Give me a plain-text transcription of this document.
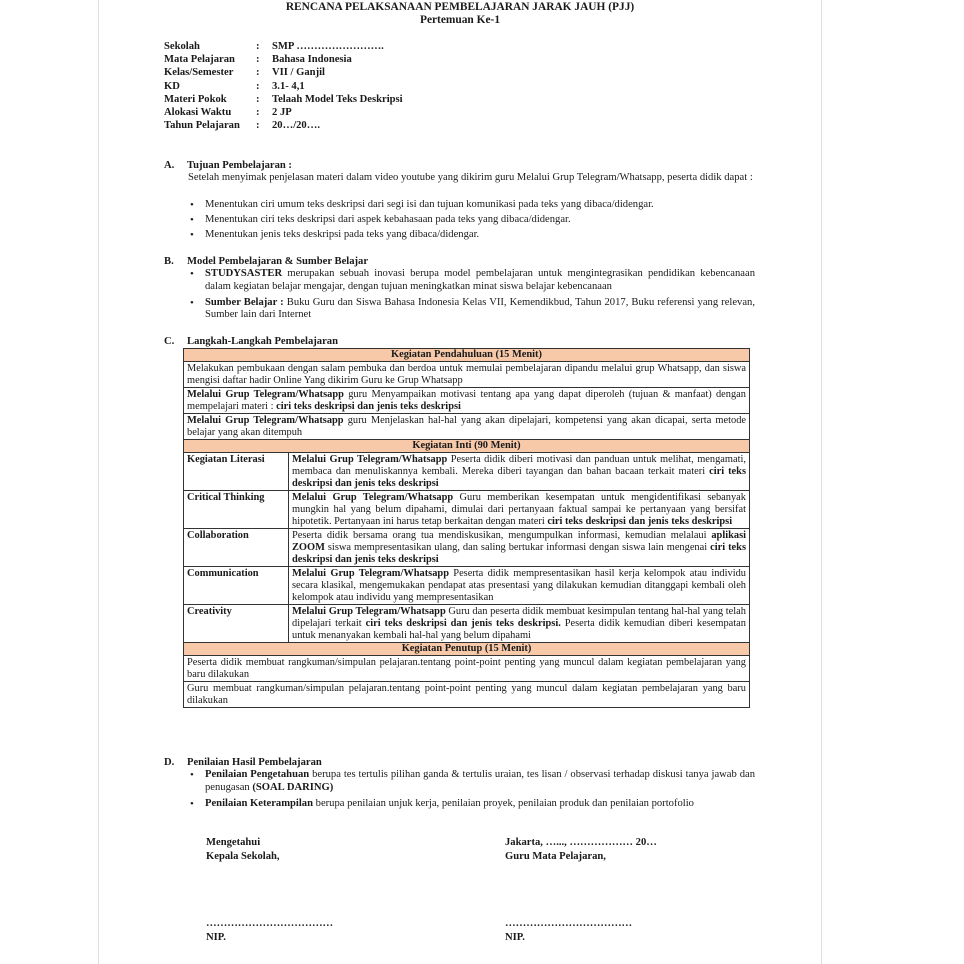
RENCANA PELAKSANAAN PEMBELAJARAN JARAK JAUH (PJJ)
Pertemuan Ke-1
Sekolah	:	SMP …………………….
Mata Pelajaran	:	Bahasa Indonesia
Kelas/Semester	:	VII / Ganjil
KD	:	3.1- 4,1
Materi Pokok	:	Telaah Model Teks Deskripsi
Alokasi Waktu	:	2 JP
Tahun Pelajaran	:	20…/20….
A. Tujuan Pembelajaran :
Setelah menyimak penjelasan materi dalam video youtube yang dikirim guru Melalui Grup Telegram/Whatsapp, peserta didik dapat :
• Menentukan ciri umum teks deskripsi dari segi isi dan tujuan komunikasi pada teks yang dibaca/didengar.
• Menentukan ciri teks deskripsi dari aspek kebahasaan pada teks yang dibaca/didengar.
• Menentukan jenis teks deskripsi pada teks yang dibaca/didengar.
B. Model Pembelajaran & Sumber Belajar
• STUDYSASTER merupakan sebuah inovasi berupa model pembelajaran untuk mengintegrasikan pendidikan kebencanaan dalam kegiatan belajar mengajar, dengan tujuan meningkatkan minat siswa belajar kebencanaan
• Sumber Belajar : Buku Guru dan Siswa Bahasa Indonesia Kelas VII, Kemendikbud, Tahun 2017, Buku referensi yang relevan, Sumber lain dari Internet
C. Langkah-Langkah Pembelajaran
Kegiatan Pendahuluan (15 Menit)	
Melakukan pembukaan dengan salam pembuka dan berdoa untuk memulai pembelajaran dipandu melalui grup Whatsapp, dan siswa mengisi daftar hadir Online Yang dikirim Guru ke Grup Whatsapp	
Melalui Grup Telegram/Whatsapp guru Menyampaikan motivasi tentang apa yang dapat diperoleh (tujuan & manfaat) dengan mempelajari materi : ciri teks deskripsi dan jenis teks deskripsi	
Melalui Grup Telegram/Whatsapp guru Menjelaskan hal-hal yang akan dipelajari, kompetensi yang akan dicapai, serta metode belajar yang akan ditempuh	
Kegiatan Inti (90 Menit)	
Kegiatan Literasi	Melalui Grup Telegram/Whatsapp Peserta didik diberi motivasi dan panduan untuk melihat, mengamati, membaca dan menuliskannya kembali. Mereka diberi tayangan dan bahan bacaan terkait materi ciri teks deskripsi dan jenis teks deskripsi
Critical Thinking	Melalui Grup Telegram/Whatsapp Guru memberikan kesempatan untuk mengidentifikasi sebanyak mungkin hal yang belum dipahami, dimulai dari pertanyaan faktual sampai ke pertanyaan yang bersifat hipotetik. Pertanyaan ini harus tetap berkaitan dengan materi ciri teks deskripsi dan jenis teks deskripsi
Collaboration	Peserta didik bersama orang tua mendiskusikan, mengumpulkan informasi, kemudian melalaui aplikasi ZOOM siswa mempresentasikan ulang, dan saling bertukar informasi dengan siswa lain mengenai ciri teks deskripsi dan jenis teks deskripsi
Communication	Melalui Grup Telegram/Whatsapp Peserta didik mempresentasikan hasil kerja kelompok atau individu secara klasikal, mengemukakan pendapat atas presentasi yang dilakukan kemudian ditanggapi kembali oleh kelompok atau individu yang mempresentasikan
Creativity	Melalui Grup Telegram/Whatsapp Guru dan peserta didik membuat kesimpulan tentang hal-hal yang telah dipelajari terkait ciri teks deskripsi dan jenis teks deskripsi. Peserta didik kemudian diberi kesempatan untuk menanyakan kembali hal-hal yang belum dipahami
Kegiatan Penutup (15 Menit)	
Peserta didik membuat rangkuman/simpulan pelajaran.tentang point-point penting yang muncul dalam kegiatan pembelajaran yang baru dilakukan	
Guru membuat rangkuman/simpulan pelajaran.tentang point-point penting yang muncul dalam kegiatan pembelajaran yang baru dilakukan	
D. Penilaian Hasil Pembelajaran
• Penilaian Pengetahuan berupa tes tertulis pilihan ganda & tertulis uraian, tes lisan / observasi terhadap diskusi tanya jawab dan penugasan (SOAL DARING)
• Penilaian Keterampilan berupa penilaian unjuk kerja, penilaian proyek, penilaian produk dan penilaian portofolio
Mengetahui
Kepala Sekolah,
Jakarta, …..., ……………… 20…
Guru Mata Pelajaran,
………………………………
NIP.
………………………………
NIP.
